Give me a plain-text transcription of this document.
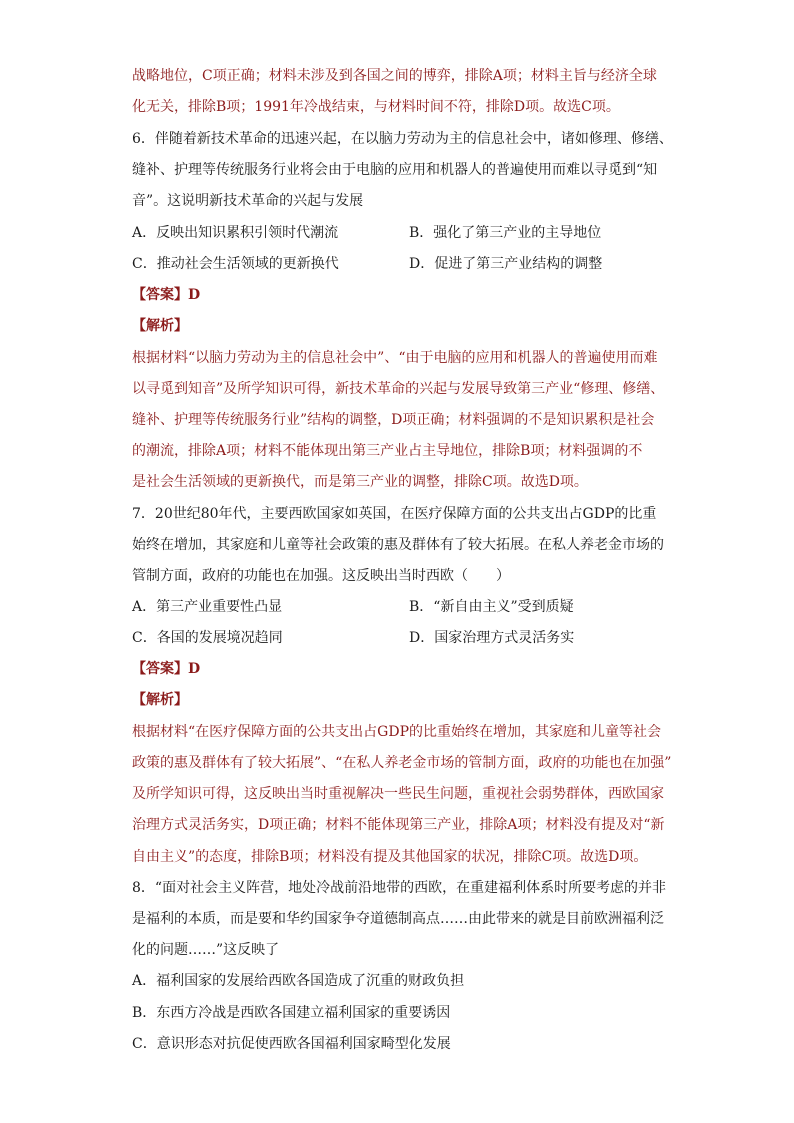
战略地位，C项正确；材料未涉及到各国之间的博弈，排除A项；材料主旨与经济全球
化无关，排除B项；1991年冷战结束，与材料时间不符，排除D项。故选C项。
6．伴随着新技术革命的迅速兴起，在以脑力劳动为主的信息社会中，诸如修理、修缮、
缝补、护理等传统服务行业将会由于电脑的应用和机器人的普遍使用而难以寻觅到“知
音”。这说明新技术革命的兴起与发展
A．反映出知识累积引领时代潮流	B．强化了第三产业的主导地位
C．推动社会生活领域的更新换代	D．促进了第三产业结构的调整
【答案】D
【解析】
根据材料“以脑力劳动为主的信息社会中”、“由于电脑的应用和机器人的普遍使用而难
以寻觅到知音”及所学知识可得，新技术革命的兴起与发展导致第三产业“修理、修缮、
缝补、护理等传统服务行业”结构的调整，D项正确；材料强调的不是知识累积是社会
的潮流，排除A项；材料不能体现出第三产业占主导地位，排除B项；材料强调的不
是社会生活领域的更新换代，而是第三产业的调整，排除C项。故选D项。
7．20世纪80年代，主要西欧国家如英国，在医疗保障方面的公共支出占GDP的比重
始终在增加，其家庭和儿童等社会政策的惠及群体有了较大拓展。在私人养老金市场的
管制方面，政府的功能也在加强。这反映出当时西欧（　　）
A．第三产业重要性凸显	B．“新自由主义”受到质疑
C．各国的发展境况趋同	D．国家治理方式灵活务实
【答案】D
【解析】
根据材料“在医疗保障方面的公共支出占GDP的比重始终在增加，其家庭和儿童等社会
政策的惠及群体有了较大拓展”、“在私人养老金市场的管制方面，政府的功能也在加强”
及所学知识可得，这反映出当时重视解决一些民生问题，重视社会弱势群体，西欧国家
治理方式灵活务实，D项正确；材料不能体现第三产业，排除A项；材料没有提及对“新
自由主义”的态度，排除B项；材料没有提及其他国家的状况，排除C项。故选D项。
8．“面对社会主义阵营，地处冷战前沿地带的西欧，在重建福利体系时所要考虑的并非
是福利的本质，而是要和华约国家争夺道德制高点……由此带来的就是目前欧洲福利泛
化的问题……”这反映了
A．福利国家的发展给西欧各国造成了沉重的财政负担
B．东西方冷战是西欧各国建立福利国家的重要诱因
C．意识形态对抗促使西欧各国福利国家畸型化发展
